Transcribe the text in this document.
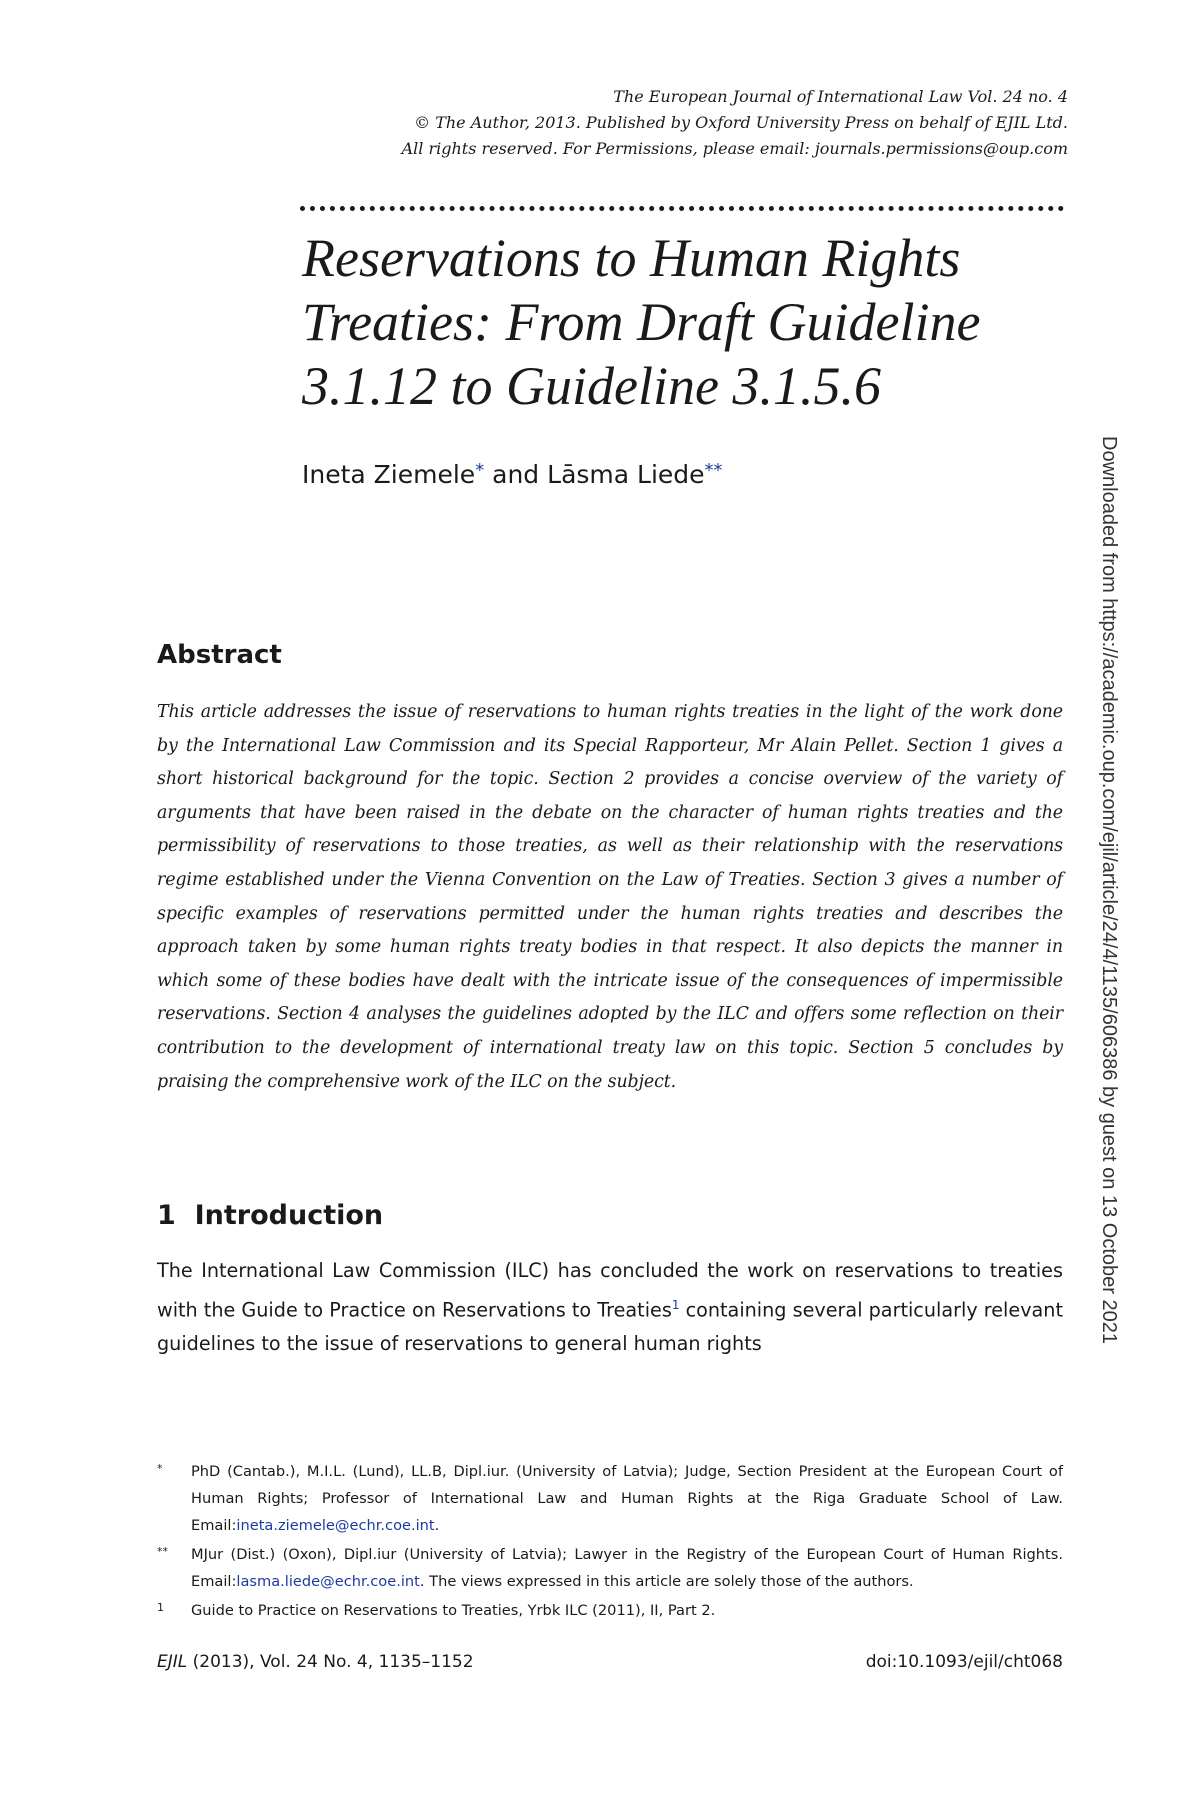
The European Journal of International Law Vol. 24 no. 4
© The Author, 2013. Published by Oxford University Press on behalf of EJIL Ltd.
All rights reserved. For Permissions, please email: journals.permissions@oup.com
Reservations to Human Rights
Treaties: From Draft Guideline
3.1.12 to Guideline 3.1.5.6
Ineta Ziemele* and Lāsma Liede**
Abstract
This article addresses the issue of reservations to human rights treaties in the light of the work done by the International Law Commission and its Special Rapporteur, Mr Alain Pellet. Section 1 gives a short historical background for the topic. Section 2 provides a concise overview of the variety of arguments that have been raised in the debate on the character of human rights treaties and the permissibility of reservations to those treaties, as well as their relationship with the reservations regime established under the Vienna Convention on the Law of Treaties. Section 3 gives a number of specific examples of reservations permitted under the human rights treaties and describes the approach taken by some human rights treaty bodies in that respect. It also depicts the manner in which some of these bodies have dealt with the intricate issue of the consequences of impermissible reservations. Section 4 analyses the guidelines adopted by the ILC and offers some reflection on their contribution to the development of international treaty law on this topic. Section 5 concludes by praising the comprehensive work of the ILC on the subject.
1 Introduction
The International Law Commission (ILC) has concluded the work on reservations to treaties with the Guide to Practice on Reservations to Treaties$^1$ containing several particularly relevant guidelines to the issue of reservations to general human rights
* PhD (Cantab.), M.I.L. (Lund), LL.B, Dipl.iur. (University of Latvia); Judge, Section President at the European Court of Human Rights; Professor of International Law and Human Rights at the Riga Graduate School of Law. Email:ineta.ziemele@echr.coe.int.
** MJur (Dist.) (Oxon), Dipl.iur (University of Latvia); Lawyer in the Registry of the European Court of Human Rights. Email:lasma.liede@echr.coe.int. The views expressed in this article are solely those of the authors.
1 Guide to Practice on Reservations to Treaties, Yrbk ILC (2011), II, Part 2.
EJIL (2013), Vol. 24 No. 4, 1135–1152	doi:10.1093/ejil/cht068
Downloaded from https://academic.oup.com/ejil/article/24/4/1135/606386 by guest on 13 October 2021
